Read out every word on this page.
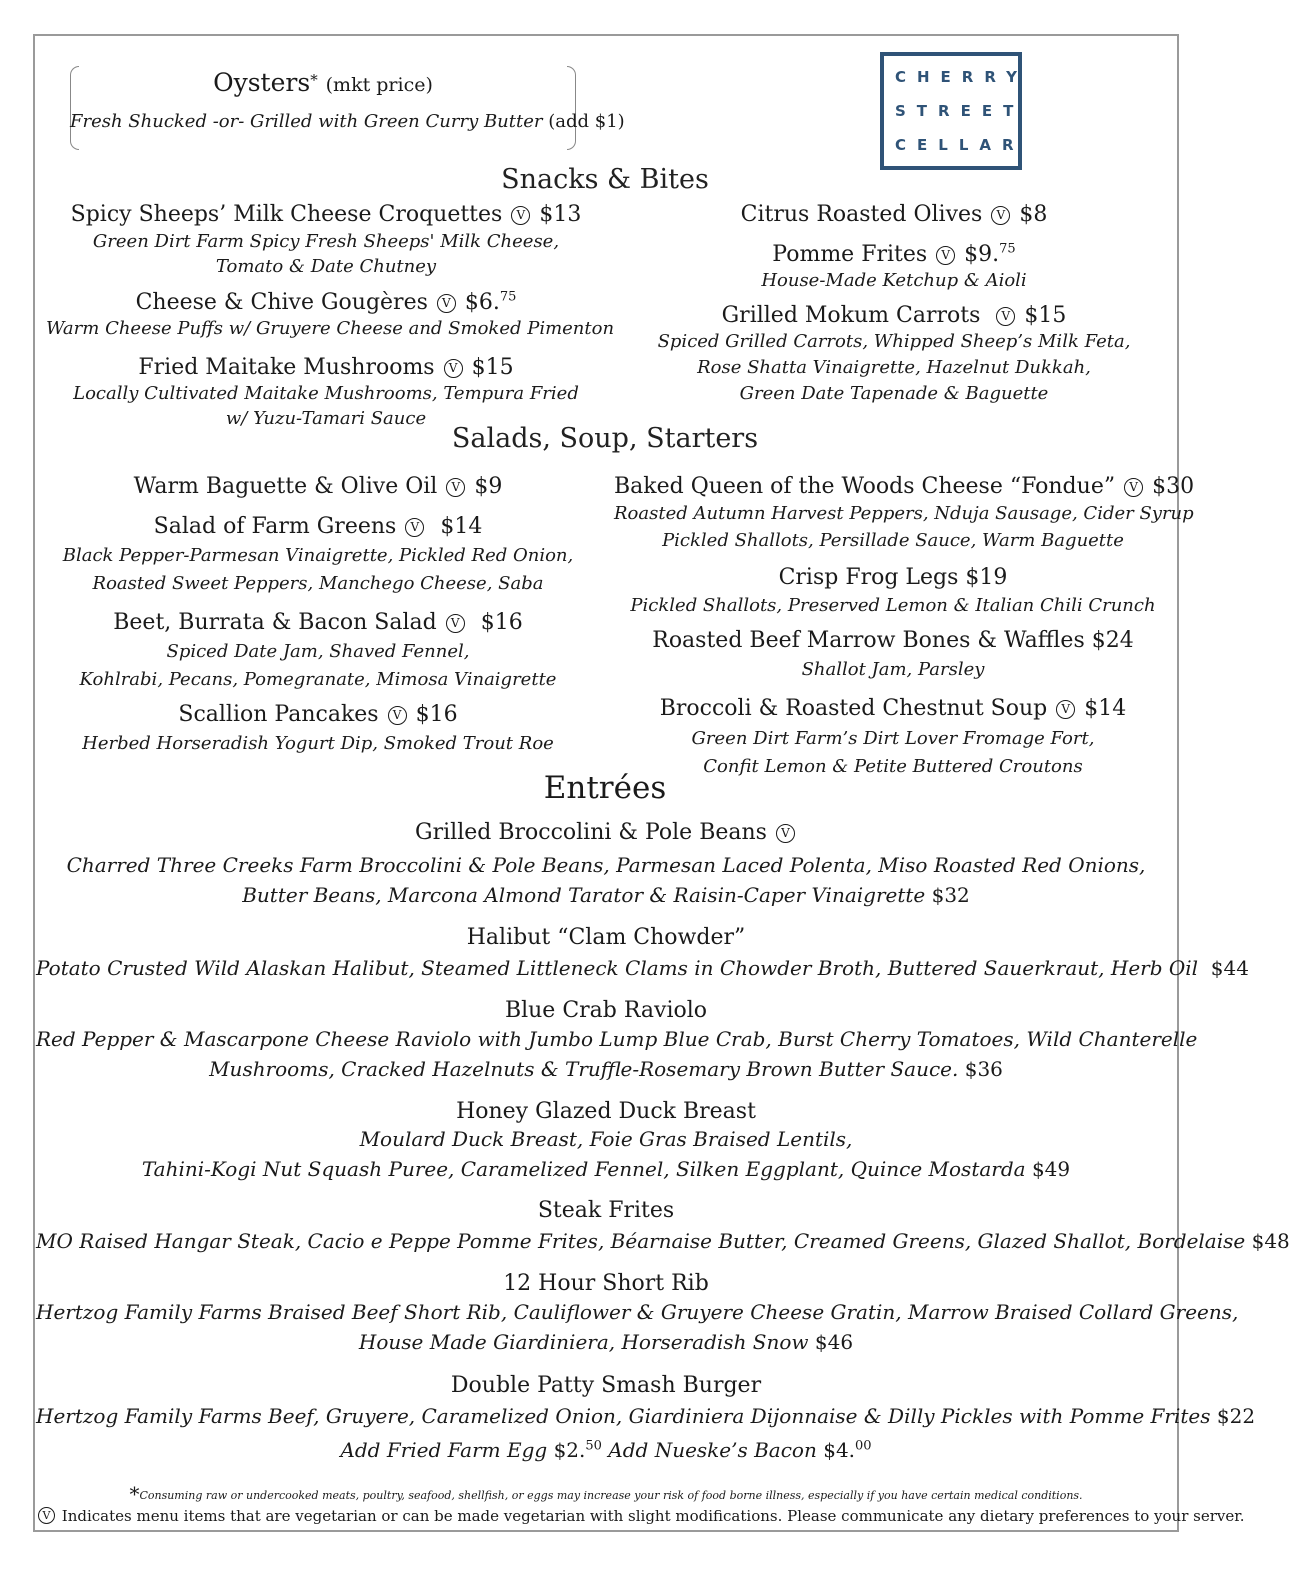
Oysters* (mkt price)
Fresh Shucked -or- Grilled with Green Curry Butter (add $1)
CHERRY
STREET
CELLAR
Snacks & Bites
Spicy Sheeps’ Milk Cheese Croquettes V $13
Green Dirt Farm Spicy Fresh Sheeps' Milk Cheese,
Tomato & Date Chutney
Cheese & Chive Gougères V $6.75
Warm Cheese Puffs w/ Gruyere Cheese and Smoked Pimenton
Fried Maitake Mushrooms V $15
Locally Cultivated Maitake Mushrooms, Tempura Fried
w/ Yuzu-Tamari Sauce
Citrus Roasted Olives V $8
Pomme Frites V $9.75
House-Made Ketchup & Aioli
Grilled Mokum Carrots V $15
Spiced Grilled Carrots, Whipped Sheep’s Milk Feta,
Rose Shatta Vinaigrette, Hazelnut Dukkah,
Green Date Tapenade & Baguette
Salads, Soup, Starters
Warm Baguette & Olive Oil V $9
Salad of Farm Greens V $14
Black Pepper-Parmesan Vinaigrette, Pickled Red Onion,
Roasted Sweet Peppers, Manchego Cheese, Saba
Beet, Burrata & Bacon Salad V $16
Spiced Date Jam, Shaved Fennel,
Kohlrabi, Pecans, Pomegranate, Mimosa Vinaigrette
Scallion Pancakes V $16
Herbed Horseradish Yogurt Dip, Smoked Trout Roe
Baked Queen of the Woods Cheese “Fondue” V $30
Roasted Autumn Harvest Peppers, Nduja Sausage, Cider Syrup
Pickled Shallots, Persillade Sauce, Warm Baguette
Crisp Frog Legs $19
Pickled Shallots, Preserved Lemon & Italian Chili Crunch
Roasted Beef Marrow Bones & Waffles $24
Shallot Jam, Parsley
Broccoli & Roasted Chestnut Soup V $14
Green Dirt Farm’s Dirt Lover Fromage Fort,
Confit Lemon & Petite Buttered Croutons
Entrées
Grilled Broccolini & Pole Beans V
Charred Three Creeks Farm Broccolini & Pole Beans, Parmesan Laced Polenta, Miso Roasted Red Onions,
Butter Beans, Marcona Almond Tarator & Raisin-Caper Vinaigrette $32
Halibut “Clam Chowder”
Potato Crusted Wild Alaskan Halibut, Steamed Littleneck Clams in Chowder Broth, Buttered Sauerkraut, Herb Oil $44
Blue Crab Raviolo
Red Pepper & Mascarpone Cheese Raviolo with Jumbo Lump Blue Crab, Burst Cherry Tomatoes, Wild Chanterelle
Mushrooms, Cracked Hazelnuts & Truffle-Rosemary Brown Butter Sauce. $36
Honey Glazed Duck Breast
Moulard Duck Breast, Foie Gras Braised Lentils,
Tahini-Kogi Nut Squash Puree, Caramelized Fennel, Silken Eggplant, Quince Mostarda $49
Steak Frites
MO Raised Hangar Steak, Cacio e Peppe Pomme Frites, Béarnaise Butter, Creamed Greens, Glazed Shallot, Bordelaise $48
12 Hour Short Rib
Hertzog Family Farms Braised Beef Short Rib, Cauliflower & Gruyere Cheese Gratin, Marrow Braised Collard Greens,
House Made Giardiniera, Horseradish Snow $46
Double Patty Smash Burger
Hertzog Family Farms Beef, Gruyere, Caramelized Onion, Giardiniera Dijonnaise & Dilly Pickles with Pomme Frites $22
Add Fried Farm Egg $2.50 Add Nueske’s Bacon $4.00
*Consuming raw or undercooked meats, poultry, seafood, shellfish, or eggs may increase your risk of food borne illness, especially if you have certain medical conditions.
V Indicates menu items that are vegetarian or can be made vegetarian with slight modifications. Please communicate any dietary preferences to your server.
